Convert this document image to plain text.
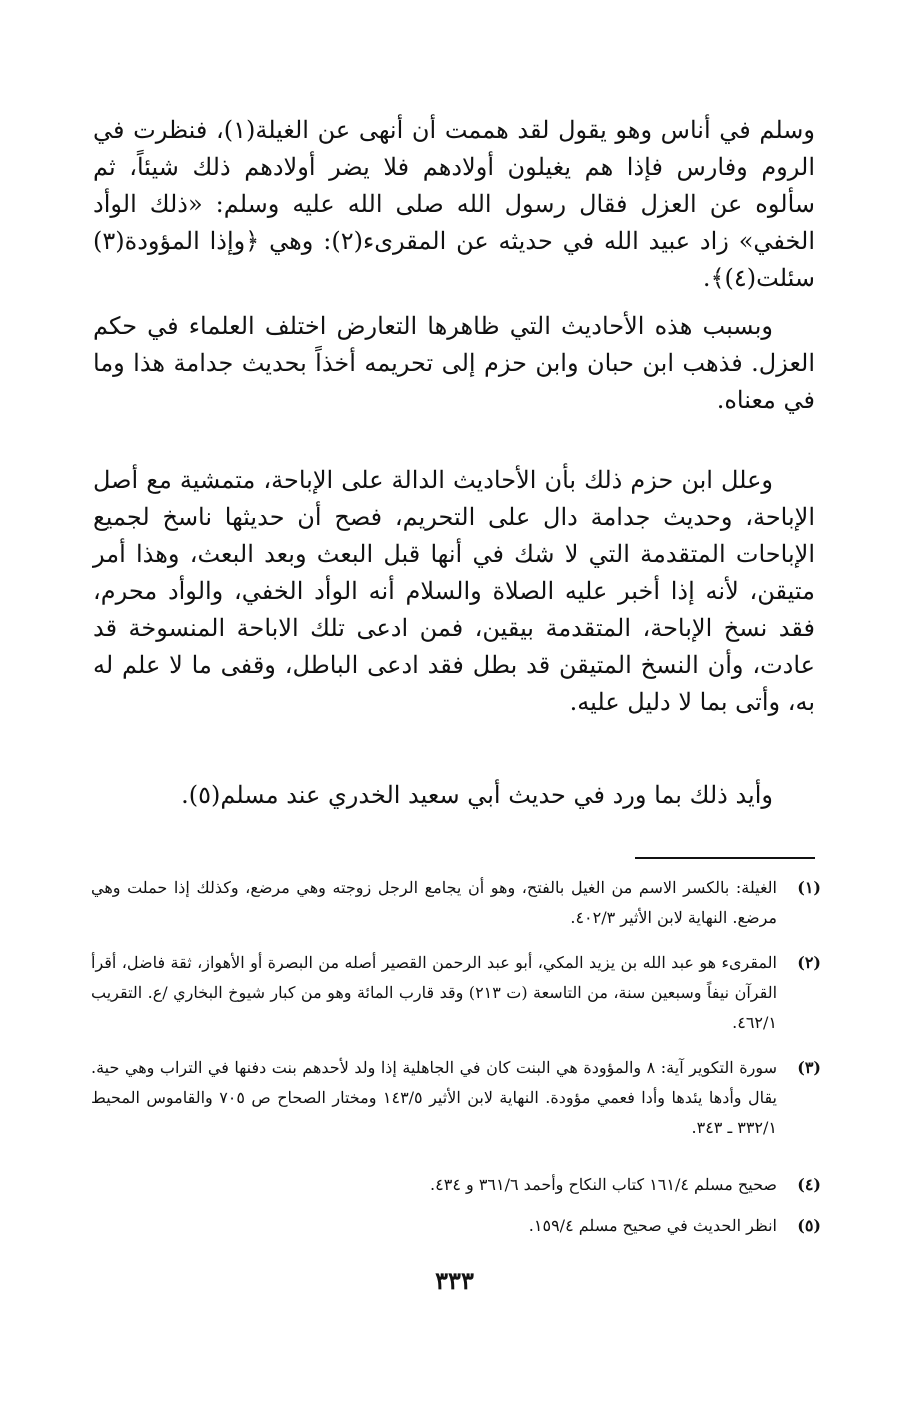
وسلم في أناس وهو يقول لقد هممت أن أنهى عن الغيلة(١)، فنظرت في الروم وفارس فإذا هم يغيلون أولادهم فلا يضر أولادهم ذلك شيئاً، ثم سألوه عن العزل فقال رسول الله صلى الله عليه وسلم: «ذلك الوأد الخفي» زاد عبيد الله في حديثه عن المقرىء(٢): وهي ﴿وإذا المؤودة(٣) سئلت(٤)﴾.

وبسبب هذه الأحاديث التي ظاهرها التعارض اختلف العلماء في حكم العزل. فذهب ابن حبان وابن حزم إلى تحريمه أخذاً بحديث جدامة هذا وما في معناه.

وعلل ابن حزم ذلك بأن الأحاديث الدالة على الإباحة، متمشية مع أصل الإباحة، وحديث جدامة دال على التحريم، فصح أن حديثها ناسخ لجميع الإباحات المتقدمة التي لا شك في أنها قبل البعث وبعد البعث، وهذا أمر متيقن، لأنه إذا أخبر عليه الصلاة والسلام أنه الوأد الخفي، والوأد محرم، فقد نسخ الإباحة، المتقدمة بيقين، فمن ادعى تلك الاباحة المنسوخة قد عادت، وأن النسخ المتيقن قد بطل فقد ادعى الباطل، وقفى ما لا علم له به، وأتى بما لا دليل عليه.

وأيد ذلك بما ورد في حديث أبي سعيد الخدري عند مسلم(٥).

(١)
الغيلة: بالكسر الاسم من الغيل بالفتح، وهو أن يجامع الرجل زوجته وهي مرضع، وكذلك إذا حملت وهي مرضع. النهاية لابن الأثير ٤٠٢/٣.
(٢)
المقرىء هو عبد الله بن يزيد المكي، أبو عبد الرحمن القصير أصله من البصرة أو الأهواز، ثقة فاضل، أقرأ القرآن نيفاً وسبعين سنة، من التاسعة (ت ٢١٣) وقد قارب المائة وهو من كبار شيوخ البخاري /ع. التقريب ٤٦٢/١.
(٣)
سورة التكوير آية: ٨ والمؤودة هي البنت كان في الجاهلية إذا ولد لأحدهم بنت دفنها في التراب وهي حية. يقال وأدها يئدها وأدا فعمي مؤودة. النهاية لابن الأثير ١٤٣/٥ ومختار الصحاح ص ٧٠٥ والقاموس المحيط ٣٣٢/١ ـ ٣٤٣.
(٤)
صحيح مسلم ١٦١/٤ كتاب النكاح وأحمد ٣٦١/٦ و ٤٣٤.
(٥)
انظر الحديث في صحيح مسلم ١٥٩/٤.
٣٣٣
